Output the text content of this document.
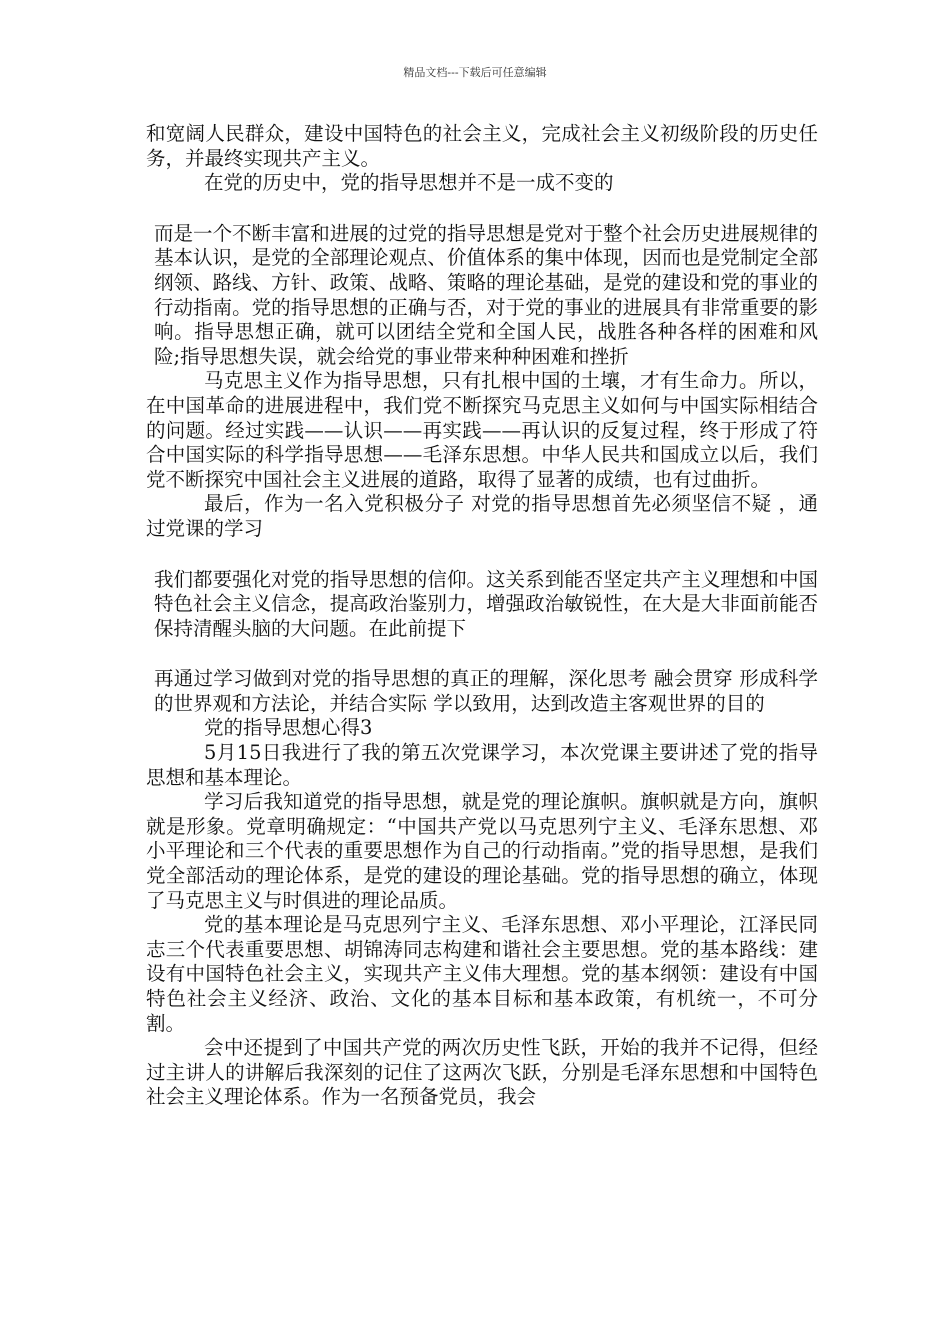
精品文档---下载后可任意编辑

和宽阔人民群众，建设中国特色的社会主义，完成社会主义初级阶段的历史任务，并最终实现共产主义。

在党的历史中，党的指导思想并不是一成不变的

而是一个不断丰富和进展的过党的指导思想是党对于整个社会历史进展规律的基本认识，是党的全部理论观点、价值体系的集中体现，因而也是党制定全部纲领、路线、方针、政策、战略、策略的理论基础，是党的建设和党的事业的行动指南。党的指导思想的正确与否，对于党的事业的进展具有非常重要的影响。指导思想正确，就可以团结全党和全国人民，战胜各种各样的困难和风险;指导思想失误，就会给党的事业带来种种困难和挫折

马克思主义作为指导思想，只有扎根中国的土壤，才有生命力。所以，在中国革命的进展进程中，我们党不断探究马克思主义如何与中国实际相结合的问题。经过实践——认识——再实践——再认识的反复过程，终于形成了符合中国实际的科学指导思想——毛泽东思想。中华人民共和国成立以后，我们党不断探究中国社会主义进展的道路，取得了显著的成绩，也有过曲折。

最后，作为一名入党积极分子 对党的指导思想首先必须坚信不疑 ，通过党课的学习

我们都要强化对党的指导思想的信仰。这关系到能否坚定共产主义理想和中国特色社会主义信念，提高政治鉴别力，增强政治敏锐性，在大是大非面前能否保持清醒头脑的大问题。在此前提下

再通过学习做到对党的指导思想的真正的理解，深化思考 融会贯穿 形成科学的世界观和方法论，并结合实际 学以致用，达到改造主客观世界的目的

党的指导思想心得3

5月15日我进行了我的第五次党课学习，本次党课主要讲述了党的指导思想和基本理论。

学习后我知道党的指导思想，就是党的理论旗帜。旗帜就是方向，旗帜就是形象。党章明确规定：“中国共产党以马克思列宁主义、毛泽东思想、邓小平理论和三个代表的重要思想作为自己的行动指南。”党的指导思想，是我们党全部活动的理论体系，是党的建设的理论基础。党的指导思想的确立，体现了马克思主义与时俱进的理论品质。

党的基本理论是马克思列宁主义、毛泽东思想、邓小平理论，江泽民同志三个代表重要思想、胡锦涛同志构建和谐社会主要思想。党的基本路线：建设有中国特色社会主义，实现共产主义伟大理想。党的基本纲领：建设有中国特色社会主义经济、政治、文化的基本目标和基本政策，有机统一，不可分割。

会中还提到了中国共产党的两次历史性飞跃，开始的我并不记得，但经过主讲人的讲解后我深刻的记住了这两次飞跃，分别是毛泽东思想和中国特色社会主义理论体系。作为一名预备党员，我会
